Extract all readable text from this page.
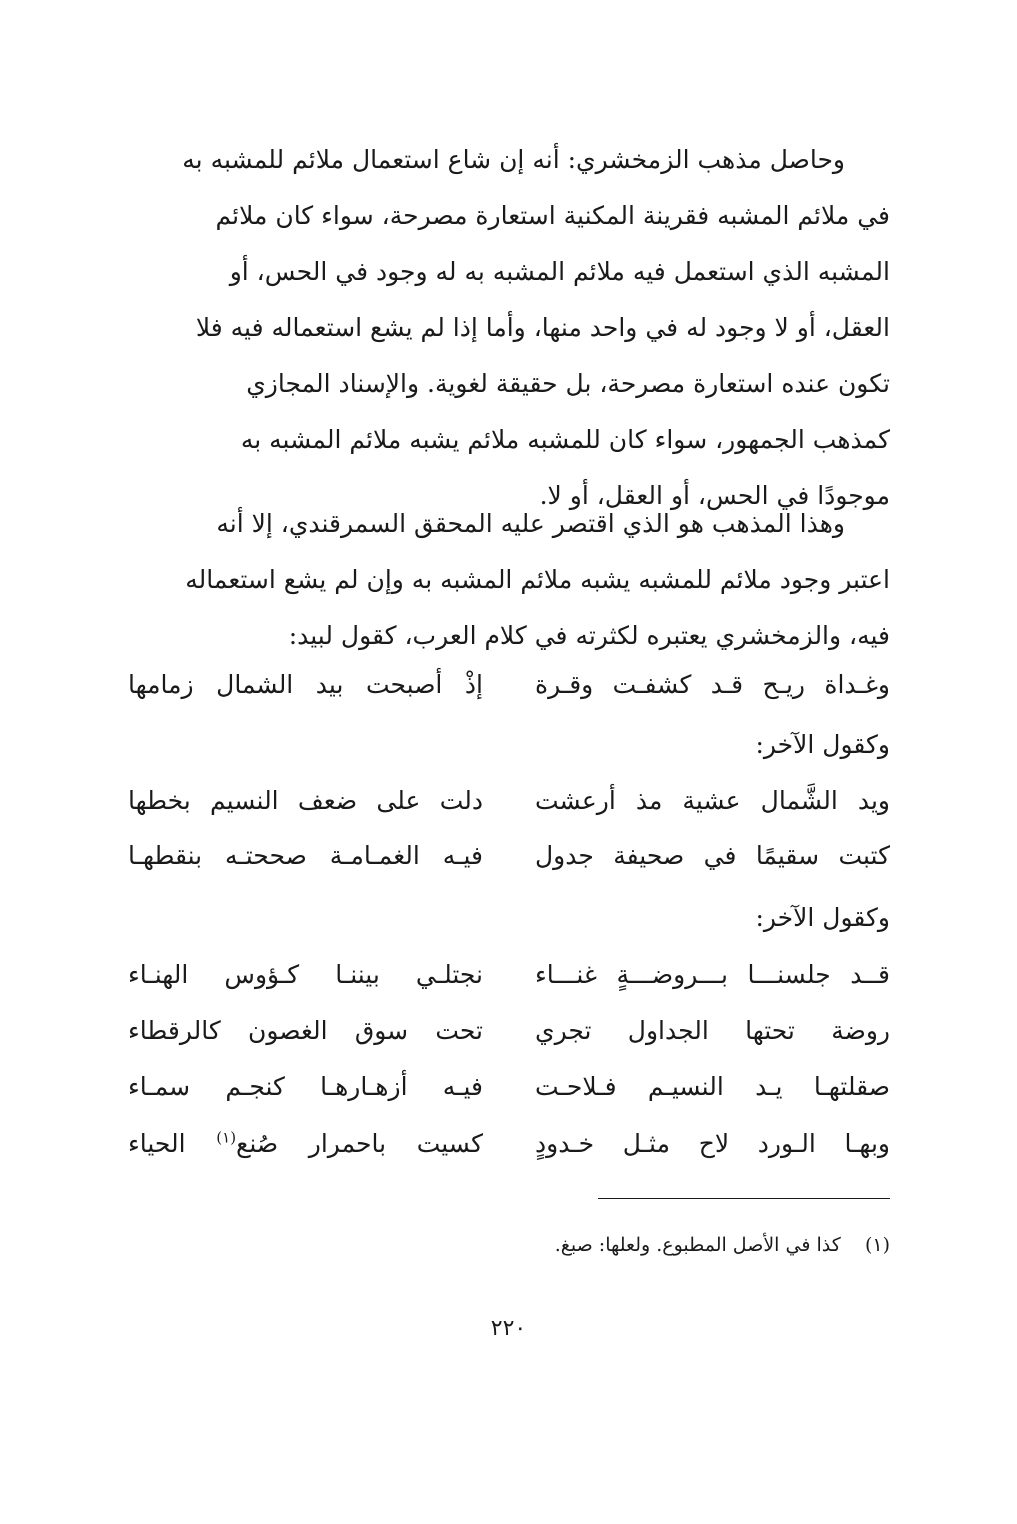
وحاصل مذهب الزمخشري: أنه إن شاع استعمال ملائم للمشبه به
في ملائم المشبه فقرينة المكنية استعارة مصرحة، سواء كان ملائم
المشبه الذي استعمل فيه ملائم المشبه به له وجود في الحس، أو
العقل، أو لا وجود له في واحد منها، وأما إذا لم يشع استعماله فيه فلا
تكون عنده استعارة مصرحة، بل حقيقة لغوية. والإسناد المجازي
كمذهب الجمهور، سواء كان للمشبه ملائم يشبه ملائم المشبه به
موجودًا في الحس، أو العقل، أو لا.
وهذا المذهب هو الذي اقتصر عليه المحقق السمرقندي، إلا أنه
اعتبر وجود ملائم للمشبه يشبه ملائم المشبه به وإن لم يشع استعماله
فيه، والزمخشري يعتبره لكثرته في كلام العرب، كقول لبيد:
وغـداة ريـح قـد كشفـت وقـرة
إذْ أصبحت بيد الشمال زمامها
وكقول الآخر:
ويد الشَّمال عشية مذ أرعشت
دلت على ضعف النسيم بخطها
كتبت سقيمًا في صحيفة جدول
فيـه الغمـامـة صححتـه بنقطهـا
وكقول الآخر:
قــد جلسنـــا بـــروضـــةٍ غنـــاء
نجتلـي بيننـا كـؤوس الهنـاء
روضة تحتها الجداول تجري
تحت سوق الغصون كالرقطاء
صقلتهـا يـد النسيـم فـلاحـت
فيـه أزهـارهـا كنجـم سمـاء
وبهـا الـورد لاح مثـل خـدودٍ
كسيت باحمرار صُنع$^{(١)}$ الحياء
(١)    كذا في الأصل المطبوع. ولعلها: صبغ.
٢٢٠
